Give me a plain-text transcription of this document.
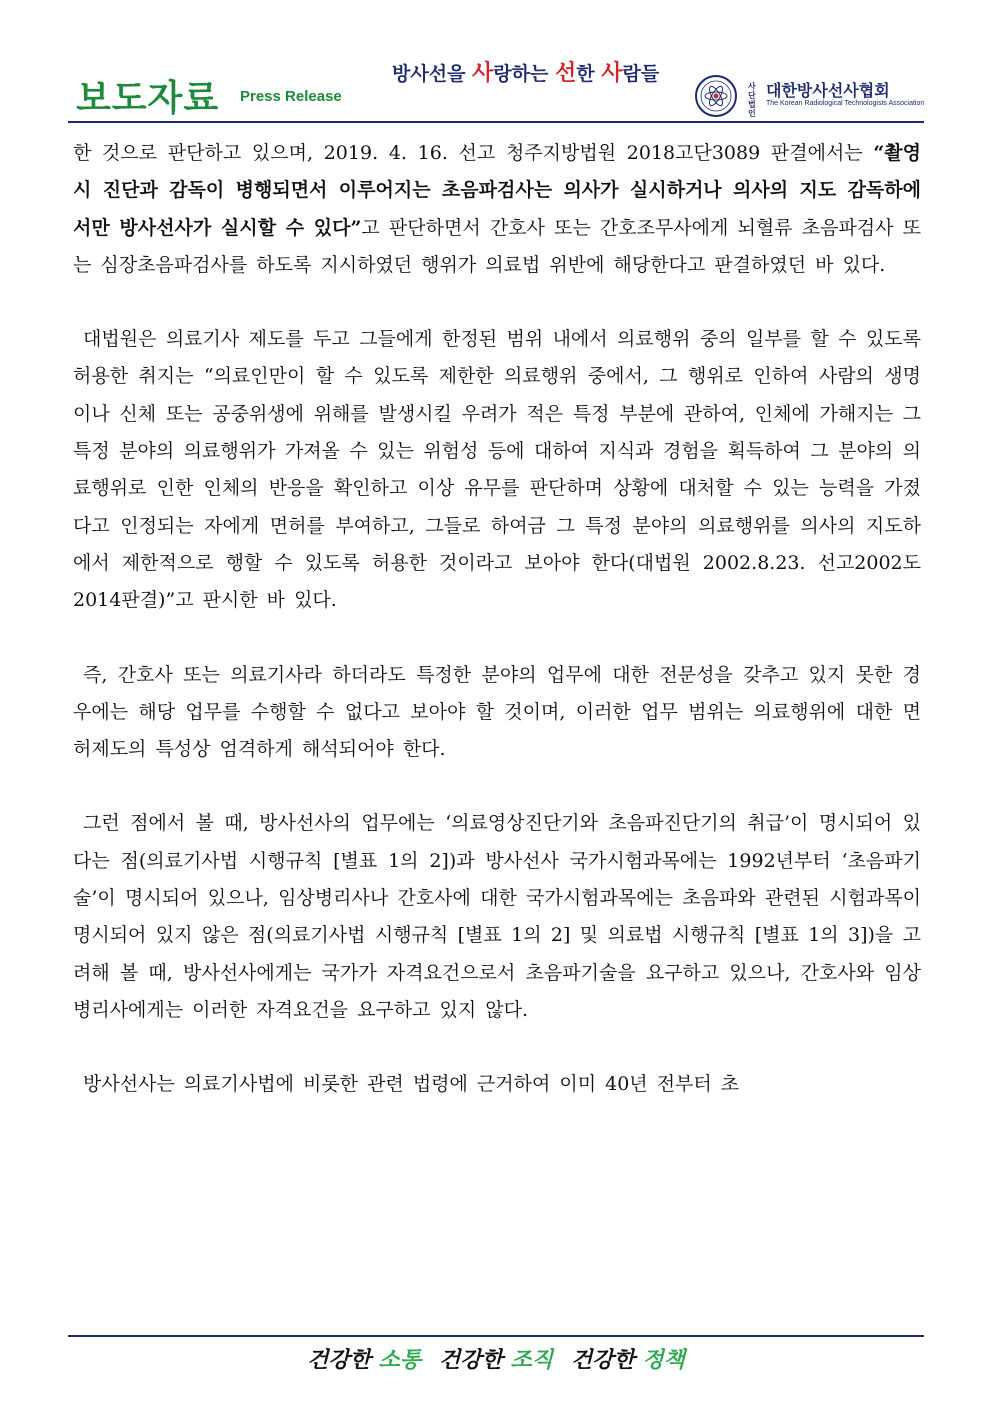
보도자료 Press Release
방사선을 사랑하는 선한 사람들
사단법인
대한방사선사협회
The Korean Radiological Technologists Association

한 것으로 판단하고 있으며, 2019. 4. 16. 선고 청주지방법원 2018고단3089 판결에서는 “촬영 시 진단과 감독이 병행되면서 이루어지는 초음파검사는 의사가 실시하거나 의사의 지도 감독하에서만 방사선사가 실시할 수 있다”고 판단하면서 간호사 또는 간호조무사에게 뇌혈류 초음파검사 또는 심장초음파검사를 하도록 지시하였던 행위가 의료법 위반에 해당한다고 판결하였던 바 있다.

대법원은 의료기사 제도를 두고 그들에게 한정된 범위 내에서 의료행위 중의 일부를 할 수 있도록 허용한 취지는 “의료인만이 할 수 있도록 제한한 의료행위 중에서, 그 행위로 인하여 사람의 생명이나 신체 또는 공중위생에 위해를 발생시킬 우려가 적은 특정 부분에 관하여, 인체에 가해지는 그 특정 분야의 의료행위가 가져올 수 있는 위험성 등에 대하여 지식과 경험을 획득하여 그 분야의 의료행위로 인한 인체의 반응을 확인하고 이상 유무를 판단하며 상황에 대처할 수 있는 능력을 가졌다고 인정되는 자에게 면허를 부여하고, 그들로 하여금 그 특정 분야의 의료행위를 의사의 지도하에서 제한적으로 행할 수 있도록 허용한 것이라고 보아야 한다(대법원 2002.8.23. 선고2002도2014판결)”고 판시한 바 있다.

즉, 간호사 또는 의료기사라 하더라도 특정한 분야의 업무에 대한 전문성을 갖추고 있지 못한 경우에는 해당 업무를 수행할 수 없다고 보아야 할 것이며, 이러한 업무 범위는 의료행위에 대한 면허제도의 특성상 엄격하게 해석되어야 한다.

그런 점에서 볼 때, 방사선사의 업무에는 ‘의료영상진단기와 초음파진단기의 취급’이 명시되어 있다는 점(의료기사법 시행규칙 [별표 1의 2])과 방사선사 국가시험과목에는 1992년부터 ‘초음파기술’이 명시되어 있으나, 임상병리사나 간호사에 대한 국가시험과목에는 초음파와 관련된 시험과목이 명시되어 있지 않은 점(의료기사법 시행규칙 [별표 1의 2] 및 의료법 시행규칙 [별표 1의 3])을 고려해 볼 때, 방사선사에게는 국가가 자격요건으로서 초음파기술을 요구하고 있으나, 간호사와 임상병리사에게는 이러한 자격요건을 요구하고 있지 않다.

방사선사는 의료기사법에 비롯한 관련 법령에 근거하여 이미 40년 전부터 초

건강한 소통 건강한 조직 건강한 정책
